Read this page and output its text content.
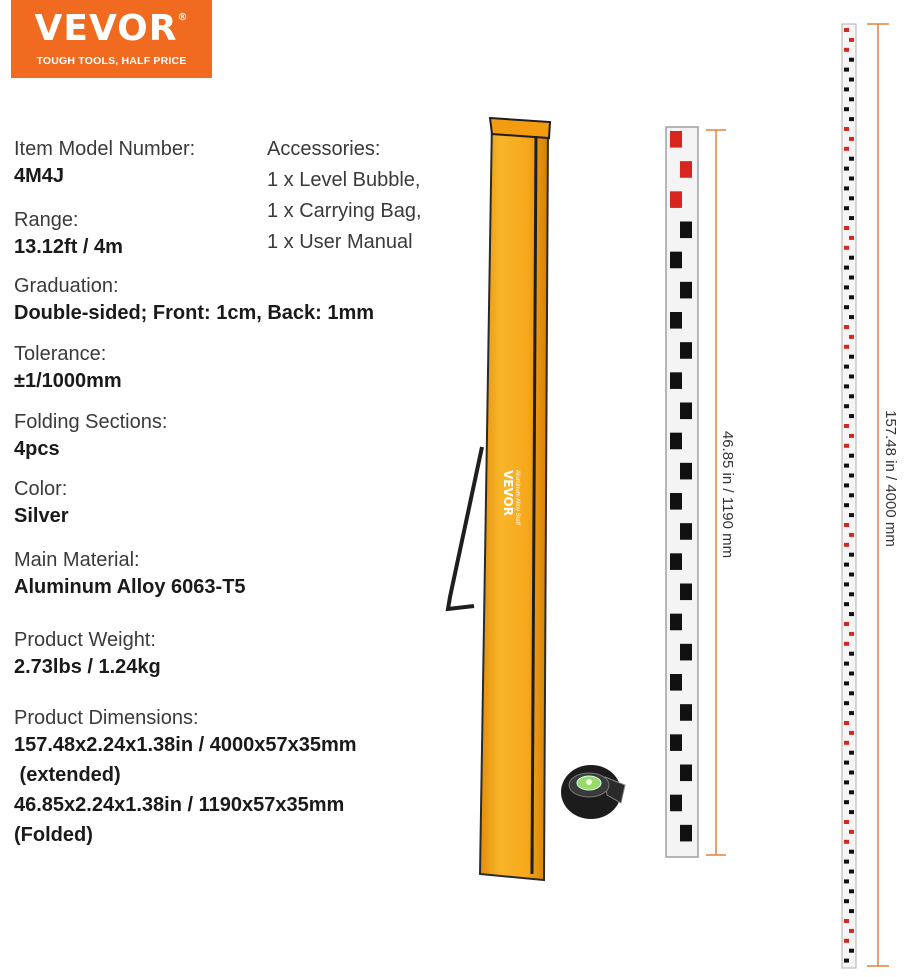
VEVOR®
TOUGH TOOLS, HALF PRICE
Item Model Number:
4M4J
Range:
13.12ft / 4m
Graduation:
Double-sided; Front: 1cm, Back: 1mm
Tolerance:
±1/1000mm
Folding Sections:
4pcs
Color:
Silver
Main Material:
Aluminum Alloy 6063-T5
Product Weight:
2.73lbs / 1.24kg
Product Dimensions:
157.48x2.24x1.38in / 4000x57x35mm
(extended)
46.85x2.24x1.38in / 1190x57x35mm
(Folded)
Accessories:
1 x Level Bubble,
1 x Carrying Bag,
1 x User Manual
VEVOR Aluminum Alloy Staff	46.85 in / 1190 mm	157.48 in / 4000 mm
